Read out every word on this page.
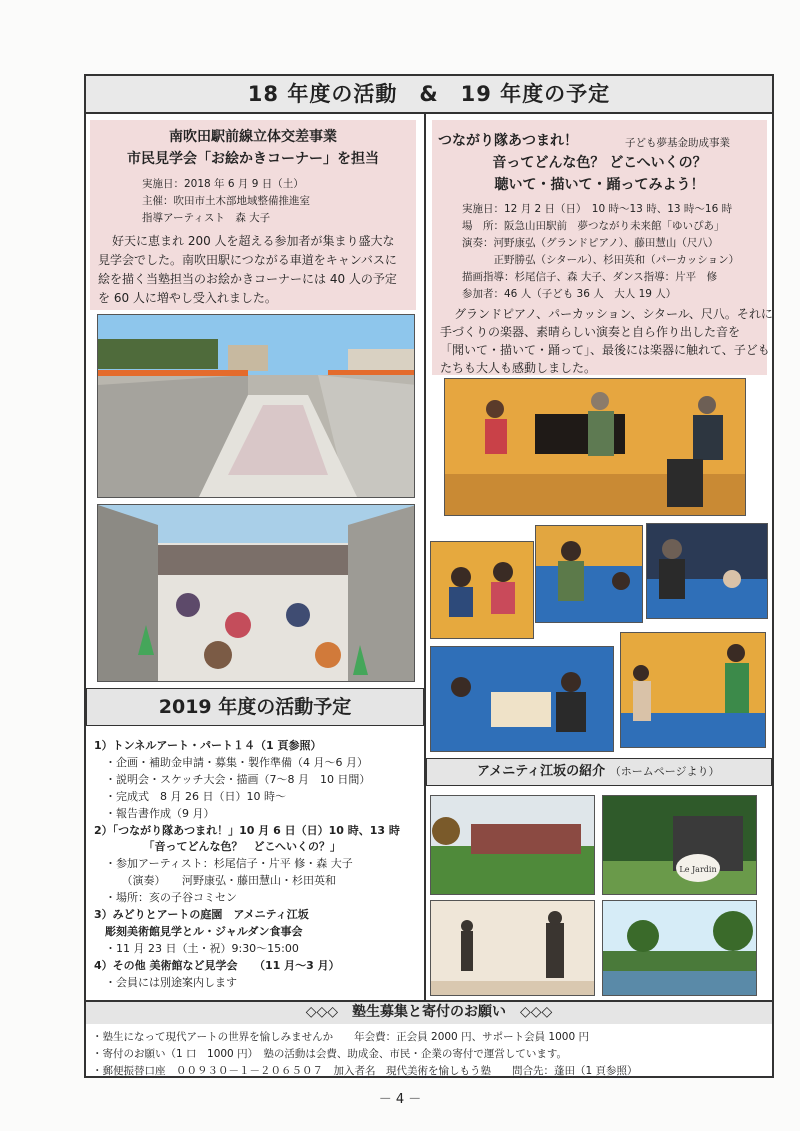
18 年度の活動　&　19 年度の予定
南吹田駅前線立体交差事業
市民見学会「お絵かきコーナー」を担当
実施日：2018 年 6 月 9 日（土）
主催：吹田市土木部地域整備推進室
指導アーティスト　森 大子
好天に恵まれ 200 人を超える参加者が集まり盛大な
見学会でした。南吹田駅につながる車道をキャンバスに
絵を描く当塾担当のお絵かきコーナーには 40 人の予定
を 60 人に増やし受入れました。
つながり隊あつまれ！	子ども夢基金助成事業
音ってどんな色？ どこへいくの？
聴いて・描いて・踊ってみよう！
実施日：12 月 2 日（日）　10 時～13 時、13 時～16 時
場　所：阪急山田駅前　夢つながり未来館「ゆいぴあ」
演奏：河野康弘（グランドピアノ）、藤田慧山（尺八）
　　　正野勝弘（シタール）、杉田英和（パーカッション）
描画指導：杉尾信子、森 大子、ダンス指導：片平　修
参加者：46 人（子ども 36 人　大人 19 人）
グランドピアノ、パーカッション、シタール、尺八。それに
手づくりの楽器、素晴らしい演奏と自ら作り出した音を
「聞いて・描いて・踊って」、最後には楽器に触れて、子ども
たちも大人も感動しました。
2019 年度の活動予定
1）トンネルアート・パート１４（1 頁参照）
　・企画・補助金申請・募集・製作準備（4 月～6 月）
　・説明会・スケッチ大会・描画（7～8 月　10 日間）
　・完成式　8 月 26 日（日）10 時～
　・報告書作成（9 月）
2）「つながり隊あつまれ！」10 月 6 日（日）10 時、13 時
　　　　　「音ってどんな色？　どこへいくの？」
　・参加アーティスト：杉尾信子・片平 修・森 大子
　　　（演奏）　　河野康弘・藤田慧山・杉田英和
　・場所：亥の子谷コミセン
3）みどりとアートの庭園　アメニティ江坂
　彫刻美術館見学とル・ジャルダン食事会
　・11 月 23 日（土・祝）9:30～15:00
4）その他 美術館など見学会　　（11 月～3 月）
　・会員には別途案内します
アメニティ江坂の紹介 （ホームページより）
Le Jardin
◇◇◇　塾生募集と寄付のお願い　◇◇◇
・塾生になって現代アートの世界を愉しみませんか　　年会費：正会員 2000 円、サポート会員 1000 円
・寄付のお願い（1 口　1000 円）　塾の活動は会費、助成金、市民・企業の寄付で運営しています。
・郵便振替口座　００９３０－１－２０６５０７　加入者名　現代美術を愉しもう塾　　問合先：蓬田（1 頁参照）
－ 4 －
